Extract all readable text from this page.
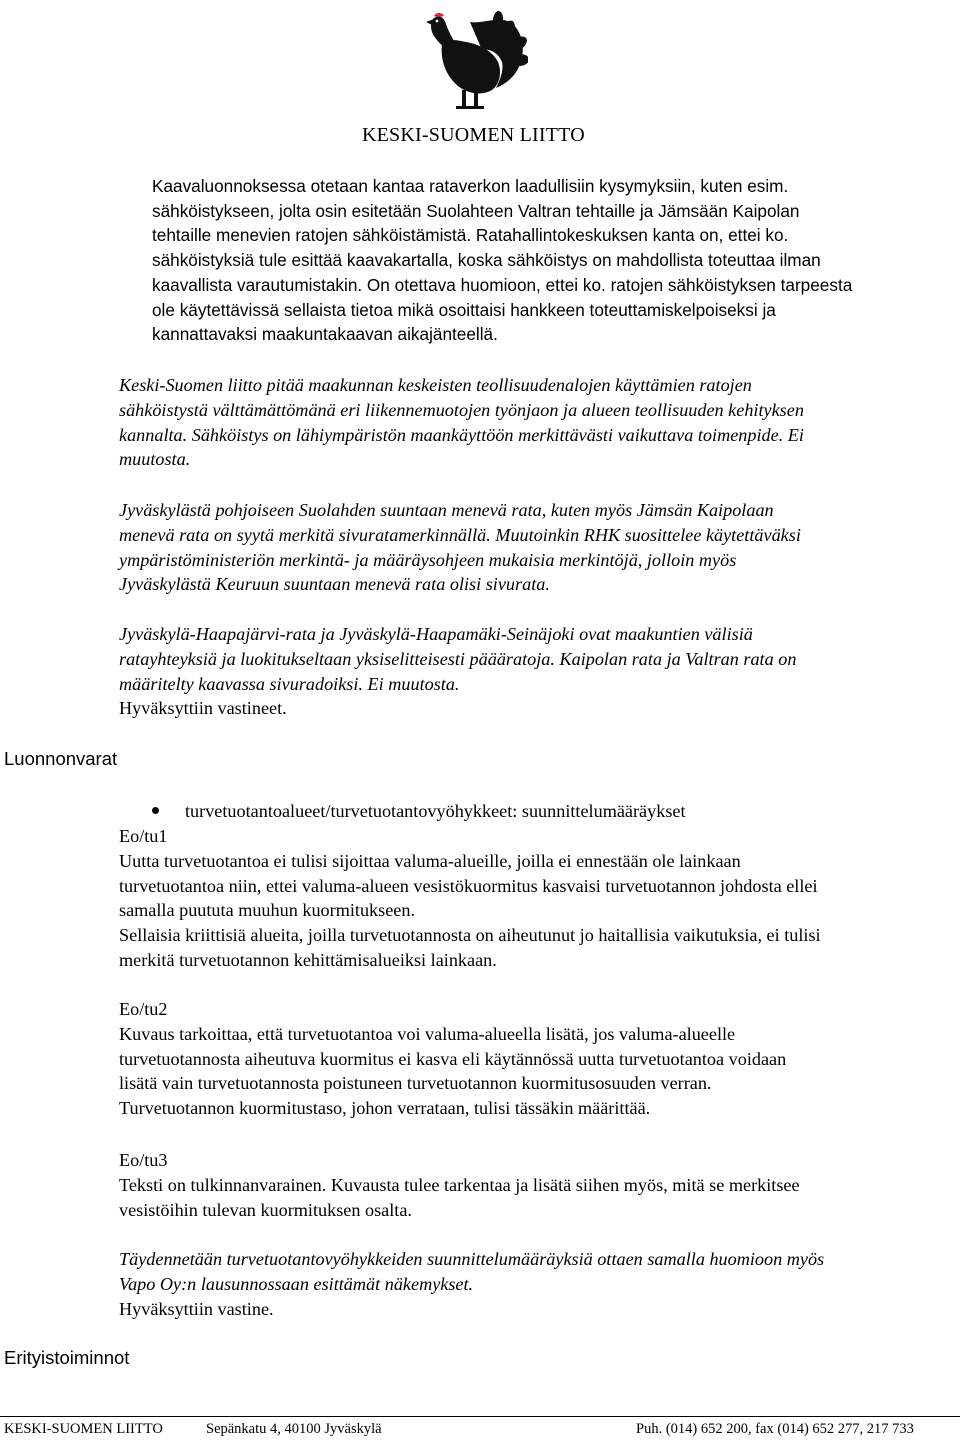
KESKI-SUOMEN LIITTO
Kaavaluonnoksessa otetaan kantaa rataverkon laadullisiin kysymyksiin, kuten esim.
sähköistykseen, jolta osin esitetään Suolahteen Valtran tehtaille ja Jämsään Kaipolan
tehtaille menevien ratojen sähköistämistä. Ratahallintokeskuksen kanta on, ettei ko.
sähköistyksiä tule esittää kaavakartalla, koska sähköistys on mahdollista toteuttaa ilman
kaavallista varautumistakin. On otettava huomioon, ettei ko. ratojen sähköistyksen tarpeesta
ole käytettävissä sellaista tietoa mikä osoittaisi hankkeen toteuttamiskelpoiseksi ja
kannattavaksi maakuntakaavan aikajänteellä.
Keski-Suomen liitto pitää maakunnan keskeisten teollisuudenalojen käyttämien ratojen
sähköistystä välttämättömänä eri liikennemuotojen työnjaon ja alueen teollisuuden kehityksen
kannalta. Sähköistys on lähiympäristön maankäyttöön merkittävästi vaikuttava toimenpide. Ei
muutosta.
Jyväskylästä pohjoiseen Suolahden suuntaan menevä rata, kuten myös Jämsän Kaipolaan
menevä rata on syytä merkitä sivuratamerkinnällä. Muutoinkin RHK suosittelee käytettäväksi
ympäristöministeriön merkintä- ja määräysohjeen mukaisia merkintöjä, jolloin myös
Jyväskylästä Keuruun suuntaan menevä rata olisi sivurata.
Jyväskylä-Haapajärvi-rata ja Jyväskylä-Haapamäki-Seinäjoki ovat maakuntien välisiä
ratayhteyksiä ja luokitukseltaan yksiselitteisesti päääratoja. Kaipolan rata ja Valtran rata on
määritelty kaavassa sivuradoiksi. Ei muutosta.
Hyväksyttiin vastineet.
Luonnonvarat
Erityistoiminnot
turvetuotantoalueet/turvetuotantovyöhykkeet: suunnittelumääräykset
Eo/tu1
Uutta turvetuotantoa ei tulisi sijoittaa valuma-alueille, joilla ei ennestään ole lainkaan
turvetuotantoa niin, ettei valuma-alueen vesistökuormitus kasvaisi turvetuotannon johdosta ellei
samalla puututa muuhun kuormitukseen.
Sellaisia kriittisiä alueita, joilla turvetuotannosta on aiheutunut jo haitallisia vaikutuksia, ei tulisi
merkitä turvetuotannon kehittämisalueiksi lainkaan.
Eo/tu2
Kuvaus tarkoittaa, että turvetuotantoa voi valuma-alueella lisätä, jos valuma-alueelle
turvetuotannosta aiheutuva kuormitus ei kasva eli käytännössä uutta turvetuotantoa voidaan
lisätä vain turvetuotannosta poistuneen turvetuotannon kuormitusosuuden verran.
Turvetuotannon kuormitustaso, johon verrataan, tulisi tässäkin määrittää.
Eo/tu3
Teksti on tulkinnanvarainen. Kuvausta tulee tarkentaa ja lisätä siihen myös, mitä se merkitsee
vesistöihin tulevan kuormituksen osalta.
Täydennetään turvetuotantovyöhykkeiden suunnittelumääräyksiä ottaen samalla huomioon myös
Vapo Oy:n lausunnossaan esittämät näkemykset.
Hyväksyttiin vastine.
KESKI-SUOMEN LIITTO	Sepänkatu 4, 40100 Jyväskylä	Puh. (014) 652 200, fax (014) 652 277, 217 733
